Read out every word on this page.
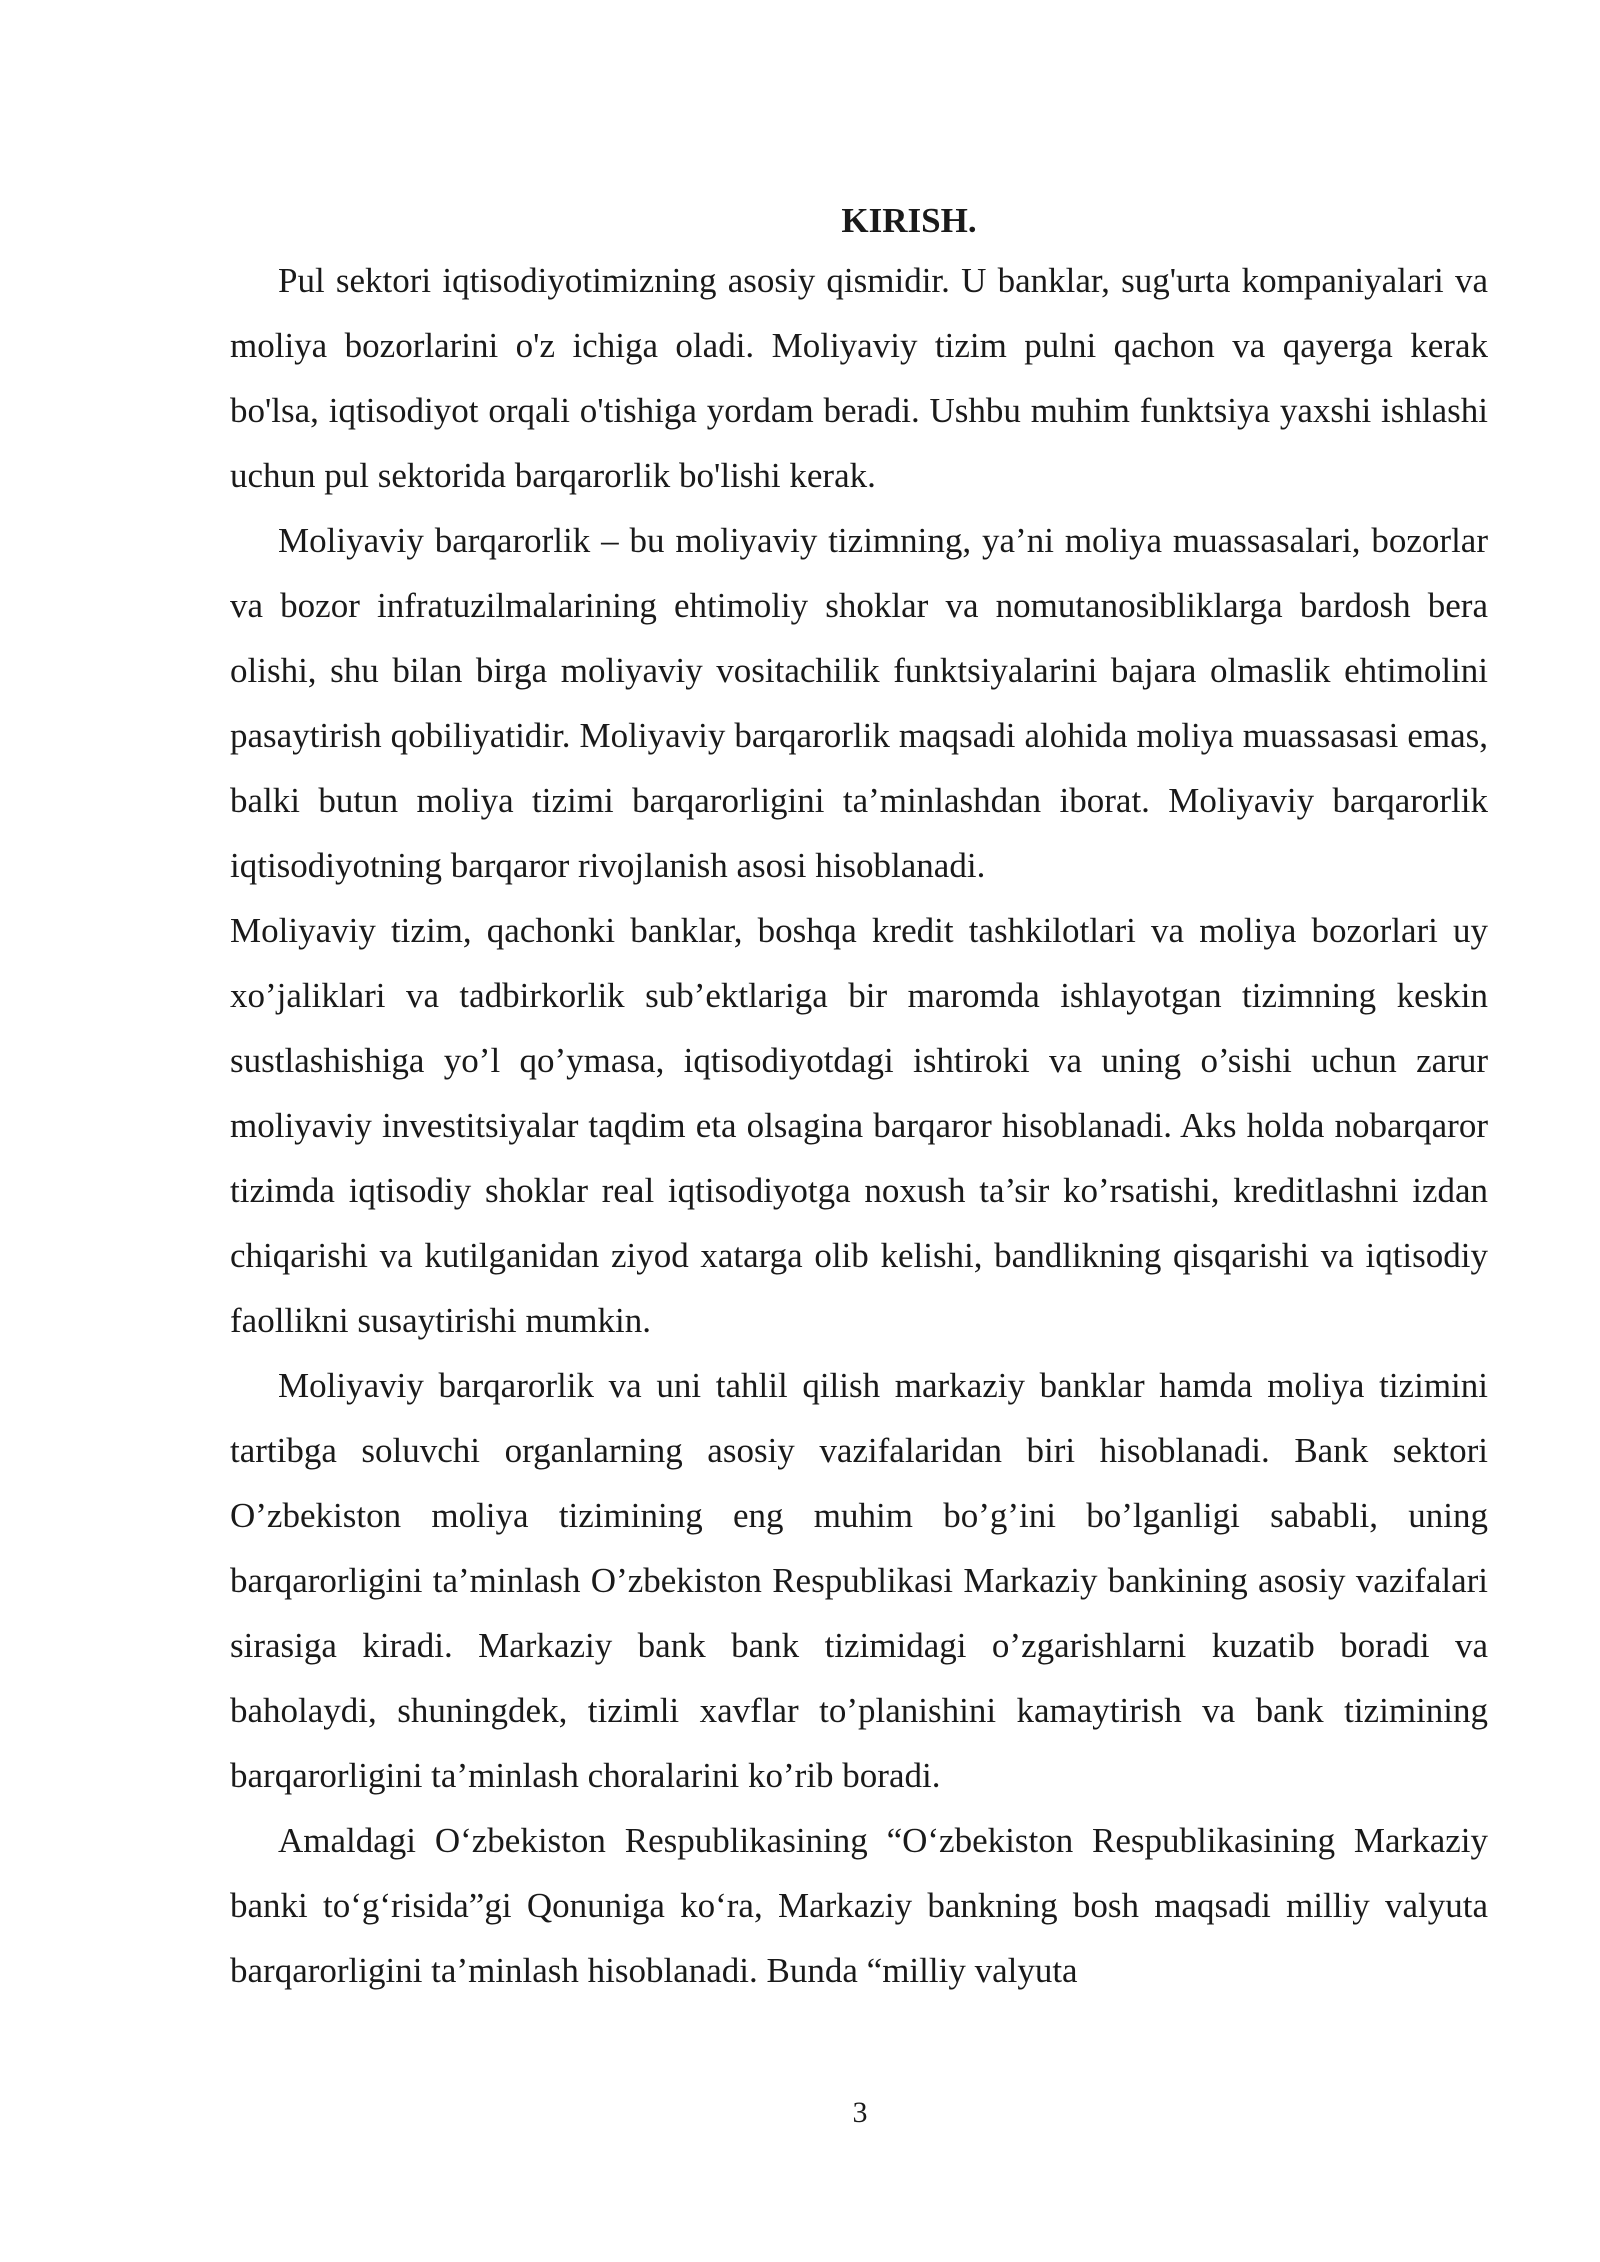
KIRISH.

Pul sektori iqtisodiyotimizning asosiy qismidir. U banklar, sug'urta kompaniyalari va moliya bozorlarini o'z ichiga oladi. Moliyaviy tizim pulni qachon va qayerga kerak bo'lsa, iqtisodiyot orqali o'tishiga yordam beradi. Ushbu muhim funktsiya yaxshi ishlashi uchun pul sektorida barqarorlik bo'lishi kerak.

Moliyaviy barqarorlik – bu moliyaviy tizimning, ya’ni moliya muassasalari, bozorlar va bozor infratuzilmalarining ehtimoliy shoklar va nomutanosibliklarga bardosh bera olishi, shu bilan birga moliyaviy vositachilik funktsiyalarini bajara olmaslik ehtimolini pasaytirish qobiliyatidir. Moliyaviy barqarorlik maqsadi alohida moliya muassasasi emas, balki butun moliya tizimi barqarorligini ta’minlashdan iborat. Moliyaviy barqarorlik iqtisodiyotning barqaror rivojlanish asosi hisoblanadi.

Moliyaviy tizim, qachonki banklar, boshqa kredit tashkilotlari va moliya bozorlari uy xo’jaliklari va tadbirkorlik sub’ektlariga bir maromda ishlayotgan tizimning keskin sustlashishiga yo’l qo’ymasa, iqtisodiyotdagi ishtiroki va uning o’sishi uchun zarur moliyaviy investitsiyalar taqdim eta olsagina barqaror hisoblanadi. Aks holda nobarqaror tizimda iqtisodiy shoklar real iqtisodiyotga noxush ta’sir ko’rsatishi, kreditlashni izdan chiqarishi va kutilganidan ziyod xatarga olib kelishi, bandlikning qisqarishi va iqtisodiy faollikni susaytirishi mumkin.

Moliyaviy barqarorlik va uni tahlil qilish markaziy banklar hamda moliya tizimini tartibga soluvchi organlarning asosiy vazifalaridan biri hisoblanadi. Bank sektori O’zbekiston moliya tizimining eng muhim bo’g’ini bo’lganligi sababli, uning barqarorligini ta’minlash O’zbekiston Respublikasi Markaziy bankining asosiy vazifalari sirasiga kiradi. Markaziy bank bank tizimidagi o’zgarishlarni kuzatib boradi va baholaydi, shuningdek, tizimli xavflar to’planishini kamaytirish va bank tizimining barqarorligini ta’minlash choralarini ko’rib boradi.

Amaldagi O‘zbekiston Respublikasining “O‘zbekiston Respublikasining Markaziy banki to‘g‘risida”gi Qonuniga ko‘ra, Markaziy bankning bosh maqsadi milliy valyuta barqarorligini ta’minlash hisoblanadi. Bunda “milliy valyuta

3
